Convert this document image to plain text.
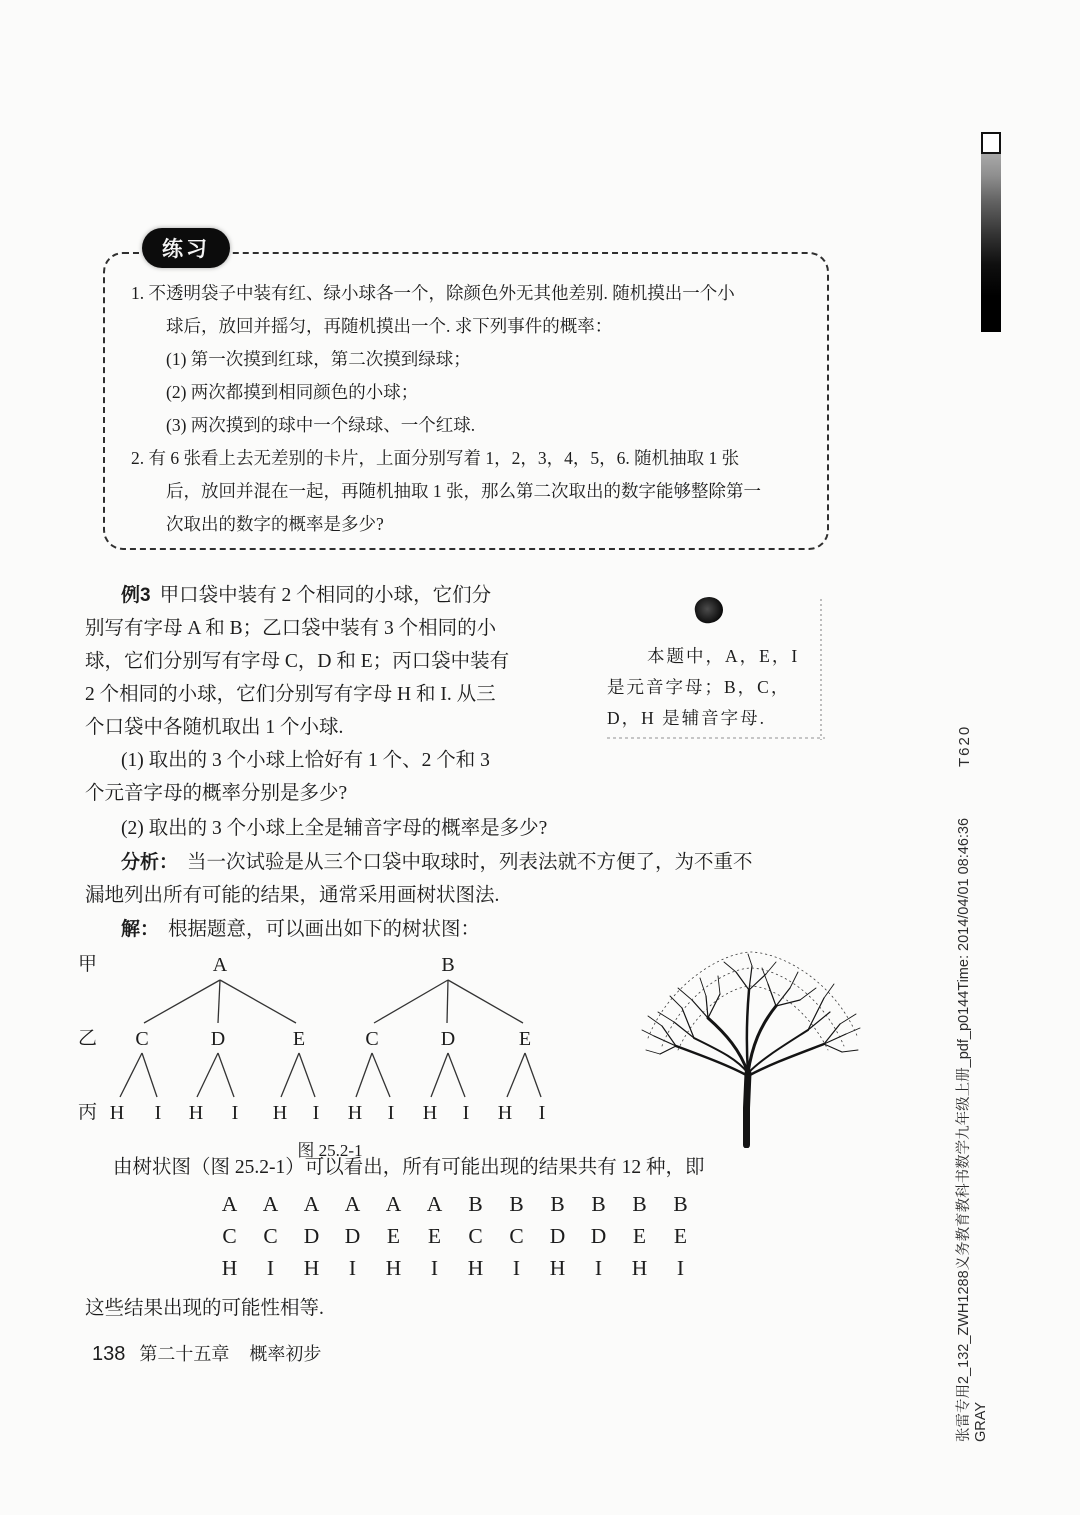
练习
1. 不透明袋子中装有红、绿小球各一个，除颜色外无其他差别. 随机摸出一个小
球后，放回并摇匀，再随机摸出一个. 求下列事件的概率：
(1) 第一次摸到红球，第二次摸到绿球；
(2) 两次都摸到相同颜色的小球；
(3) 两次摸到的球中一个绿球、一个红球.
2. 有 6 张看上去无差别的卡片，上面分别写着 1，2，3，4，5，6. 随机抽取 1 张
后，放回并混在一起，再随机抽取 1 张，那么第二次取出的数字能够整除第一
次取出的数字的概率是多少?
例3 甲口袋中装有 2 个相同的小球，它们分
别写有字母 A 和 B；乙口袋中装有 3 个相同的小
球，它们分别写有字母 C，D 和 E；丙口袋中装有
2 个相同的小球，它们分别写有字母 H 和 I. 从三
个口袋中各随机取出 1 个小球.
(1) 取出的 3 个小球上恰好有 1 个、2 个和 3
个元音字母的概率分别是多少?
(2) 取出的 3 个小球上全是辅音字母的概率是多少?
分析： 当一次试验是从三个口袋中取球时，列表法就不方便了，为不重不
漏地列出所有可能的结果，通常采用画树状图法.
解： 根据题意，可以画出如下的树状图：
本题中，A，E，I
是元音字母；B，C，
D，H 是辅音字母.
甲
乙
丙
A	B
C	D	E	C	D	E
H I H I H I H I H I H I
图 25.2-1
由树状图（图 25.2-1）可以看出，所有可能出现的结果共有 12 种，即
A	A	A	A	A	A	B	B	B	B	B	B
C	C	D	D	E	E	C	C	D	D	E	E
H	I	H	I	H	I	H	I	H	I	H	I
这些结果出现的可能性相等.
138 第二十五章 概率初步
T620
张雷专用2_132_ZWH1288义务教育教科书数学九年级上册_pdf_p0144Time: 2014/04/01 08:46:36 GRAY
